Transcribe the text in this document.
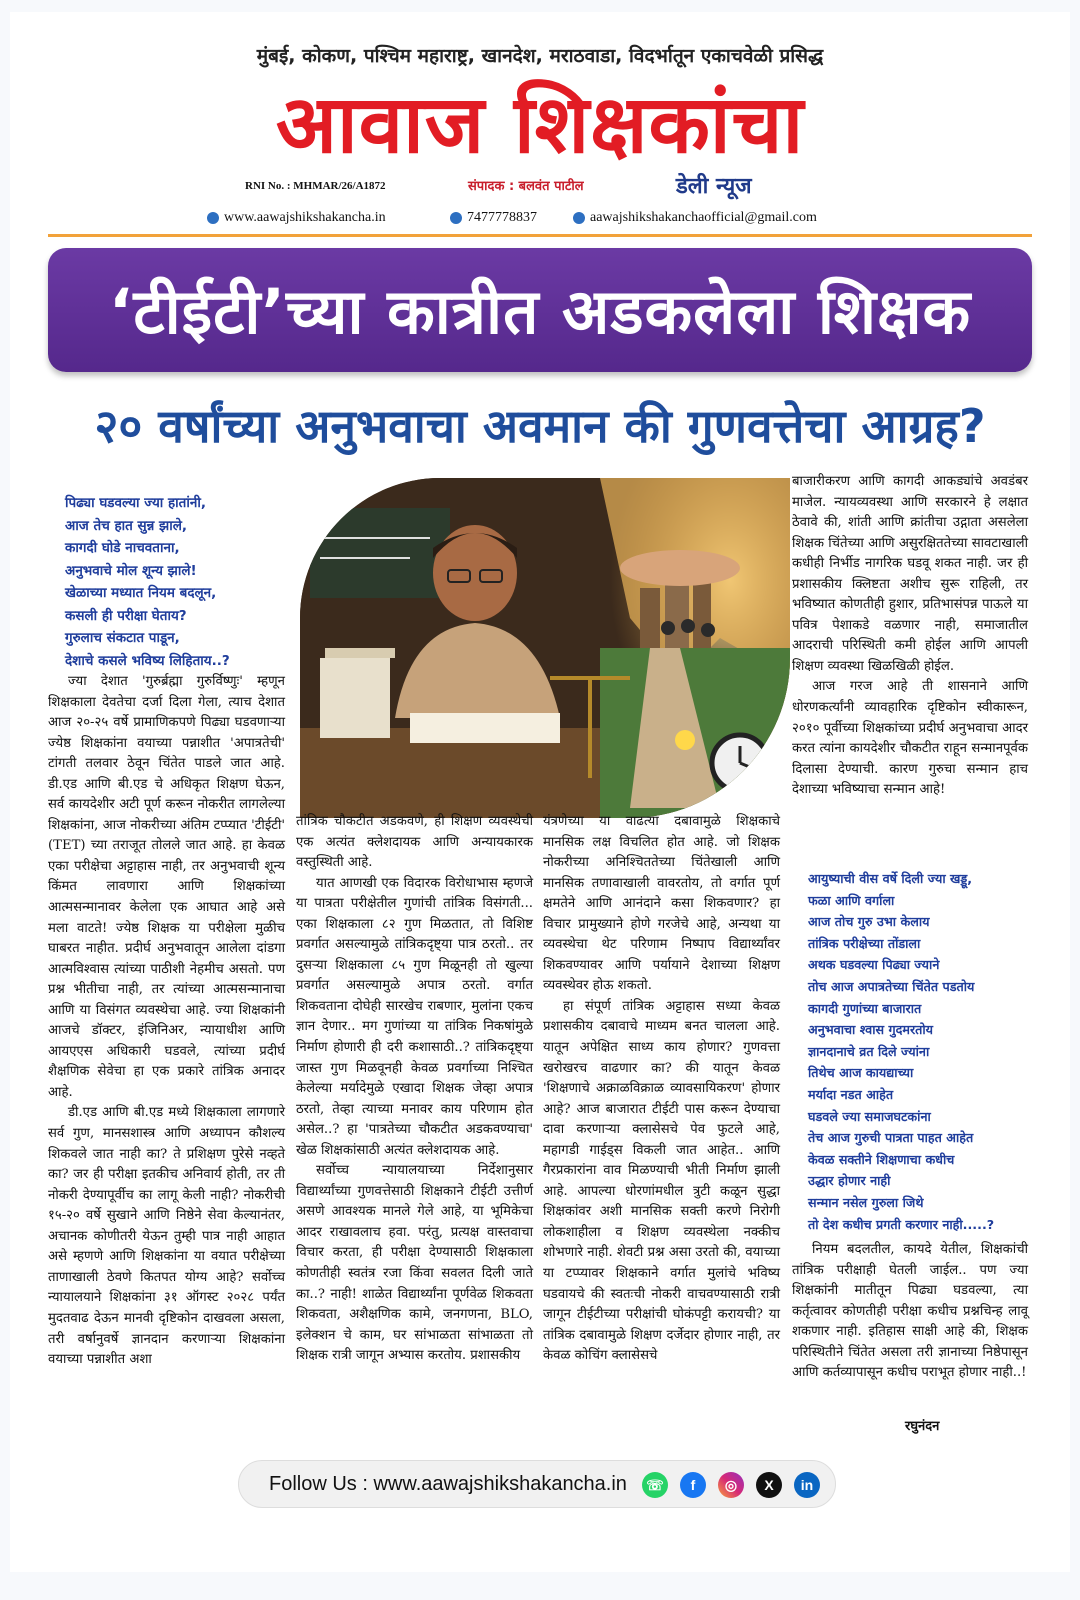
मुंबई, कोकण, पश्चिम महाराष्ट्र, खानदेश, मराठवाडा, विदर्भातून एकाचवेळी प्रसिद्ध
आवाज शिक्षकांचा
RNI No. : MHMAR/26/A1872	संपादक : बलवंत पाटील	डेली न्यूज
www.aawajshikshakancha.in	7477778837	aawajshikshakanchaofficial@gmail.com
‘टीईटी’च्या कात्रीत अडकलेला शिक्षक
२० वर्षांच्या अनुभवाचा अवमान की गुणवत्तेचा आग्रह?
पिढ्या घडवल्या ज्या हातांनी,
आज तेच हात सुन्न झाले,
कागदी घोडे नाचवताना,
अनुभवाचे मोल शून्य झाले!
खेळाच्या मध्यात नियम बदलून,
कसली ही परीक्षा घेताय?
गुरुलाच संकटात पाडून,
देशाचे कसले भविष्य लिहिताय..?
ज्या देशात 'गुरुर्ब्रह्मा गुरुर्विष्णुः' म्हणून शिक्षकाला देवतेचा दर्जा दिला गेला, त्याच देशात आज २०-२५ वर्षे प्रामाणिकपणे पिढ्या घडवणाऱ्या ज्येष्ठ शिक्षकांना वयाच्या पन्नाशीत 'अपात्रतेची' टांगती तलवार ठेवून चिंतेत पाडले जात आहे. डी.एड आणि बी.एड चे अधिकृत शिक्षण घेऊन, सर्व कायदेशीर अटी पूर्ण करून नोकरीत लागलेल्या शिक्षकांना, आज नोकरीच्या अंतिम टप्प्यात 'टीईटी' (TET) च्या तराजूत तोलले जात आहे. हा केवळ एका परीक्षेचा अट्टाहास नाही, तर अनुभवाची शून्य किंमत लावणारा आणि शिक्षकांच्या आत्मसन्मानावर केलेला एक आघात आहे असे मला वाटते! ज्येष्ठ शिक्षक या परीक्षेला मुळीच घाबरत नाहीत. प्रदीर्घ अनुभवातून आलेला दांडगा आत्मविश्वास त्यांच्या पाठीशी नेहमीच असतो. पण प्रश्न भीतीचा नाही, तर त्यांच्या आत्मसन्मानाचा आणि या विसंगत व्यवस्थेचा आहे. ज्या शिक्षकांनी आजचे डॉक्टर, इंजिनिअर, न्यायाधीश आणि आयएएस अधिकारी घडवले, त्यांच्या प्रदीर्घ शैक्षणिक सेवेचा हा एक प्रकारे तांत्रिक अनादर आहे.
डी.एड आणि बी.एड मध्ये शिक्षकाला लागणारे सर्व गुण, मानसशास्त्र आणि अध्यापन कौशल्य शिकवले जात नाही का? ते प्रशिक्षण पुरेसे नव्हते का? जर ही परीक्षा इतकीच अनिवार्य होती, तर ती नोकरी देण्यापूर्वीच का लागू केली नाही? नोकरीची १५-२० वर्षे सुखाने आणि निष्ठेने सेवा केल्यानंतर, अचानक कोणीतरी येऊन तुम्ही पात्र नाही आहात असे म्हणणे आणि शिक्षकांना या वयात परीक्षेच्या ताणाखाली ठेवणे कितपत योग्य आहे? सर्वोच्च न्यायालयाने शिक्षकांना ३१ ऑगस्ट २०२८ पर्यंत मुदतवाढ देऊन मानवी दृष्टिकोन दाखवला असला, तरी वर्षानुवर्षे ज्ञानदान करणाऱ्या शिक्षकांना वयाच्या पन्नाशीत अशा
तांत्रिक चौकटीत अडकवणे, ही शिक्षण व्यवस्थेची एक अत्यंत क्लेशदायक आणि अन्यायकारक वस्तुस्थिती आहे.
यात आणखी एक विदारक विरोधाभास म्हणजे या पात्रता परीक्षेतील गुणांची तांत्रिक विसंगती... एका शिक्षकाला ८२ गुण मिळतात, तो विशिष्ट प्रवर्गात असल्यामुळे तांत्रिकदृष्ट्या पात्र ठरतो.. तर दुसऱ्या शिक्षकाला ८५ गुण मिळूनही तो खुल्या प्रवर्गात असल्यामुळे अपात्र ठरतो. वर्गात शिकवताना दोघेही सारखेच राबणार, मुलांना एकच ज्ञान देणार.. मग गुणांच्या या तांत्रिक निकषांमुळे निर्माण होणारी ही दरी कशासाठी..? तांत्रिकदृष्ट्या जास्त गुण मिळवूनही केवळ प्रवर्गाच्या निश्चित केलेल्या मर्यादेमुळे एखादा शिक्षक जेव्हा अपात्र ठरतो, तेव्हा त्याच्या मनावर काय परिणाम होत असेल..? हा 'पात्रतेच्या चौकटीत अडकवण्याचा' खेळ शिक्षकांसाठी अत्यंत क्लेशदायक आहे.
सर्वोच्च न्यायालयाच्या निर्देशानुसार विद्यार्थ्यांच्या गुणवत्तेसाठी शिक्षकाने टीईटी उत्तीर्ण असणे आवश्यक मानले गेले आहे, या भूमिकेचा आदर राखावलाच हवा. परंतु, प्रत्यक्ष वास्तवाचा विचार करता, ही परीक्षा देण्यासाठी शिक्षकाला कोणतीही स्वतंत्र रजा किंवा सवलत दिली जाते का..? नाही! शाळेत विद्यार्थ्यांना पूर्णवेळ शिकवता शिकवता, अशैक्षणिक कामे, जनगणना, BLO, इलेक्शन चे काम, घर सांभाळता सांभाळता तो शिक्षक रात्री जागून अभ्यास करतोय. प्रशासकीय
यंत्रणेच्या या वाढत्या दबावामुळे शिक्षकाचे मानसिक लक्ष विचलित होत आहे. जो शिक्षक नोकरीच्या अनिश्चिततेच्या चिंतेखाली आणि मानसिक तणावाखाली वावरतोय, तो वर्गात पूर्ण क्षमतेने आणि आनंदाने कसा शिकवणार? हा विचार प्रामुख्याने होणे गरजेचे आहे, अन्यथा या व्यवस्थेचा थेट परिणाम निष्पाप विद्यार्थ्यांवर शिकवण्यावर आणि पर्यायाने देशाच्या शिक्षण व्यवस्थेवर होऊ शकतो.
हा संपूर्ण तांत्रिक अट्टाहास सध्या केवळ प्रशासकीय दबावाचे माध्यम बनत चालला आहे. यातून अपेक्षित साध्य काय होणार? गुणवत्ता खरोखरच वाढणार का? की यातून केवळ 'शिक्षणाचे अक्राळविक्राळ व्यावसायिकरण' होणार आहे? आज बाजारात टीईटी पास करून देण्याचा दावा करणाऱ्या क्लासेसचे पेव फुटले आहे, महागडी गाईड्स विकली जात आहेत.. आणि गैरप्रकारांना वाव मिळण्याची भीती निर्माण झाली आहे. आपल्या धोरणांमधील त्रुटी कळून सुद्धा शिक्षकांवर अशी मानसिक सक्ती करणे निरोगी लोकशाहीला व शिक्षण व्यवस्थेला नक्कीच शोभणारे नाही. शेवटी प्रश्न असा उरतो की, वयाच्या या टप्प्यावर शिक्षकाने वर्गात मुलांचे भविष्य घडवायचे की स्वतःची नोकरी वाचवण्यासाठी रात्री जागून टीईटीच्या परीक्षांची घोकंपट्टी करायची? या तांत्रिक दबावामुळे शिक्षण दर्जेदार होणार नाही, तर केवळ कोचिंग क्लासेसचे
बाजारीकरण आणि कागदी आकड्यांचे अवडंबर माजेल. न्यायव्यवस्था आणि सरकारने हे लक्षात ठेवावे की, शांती आणि क्रांतीचा उद्गाता असलेला शिक्षक चिंतेच्या आणि असुरक्षिततेच्या सावटाखाली कधीही निर्भीड नागरिक घडवू शकत नाही. जर ही प्रशासकीय क्लिष्टता अशीच सुरू राहिली, तर भविष्यात कोणतीही हुशार, प्रतिभासंपन्न पाऊले या पवित्र पेशाकडे वळणार नाही, समाजातील आदराची परिस्थिती कमी होईल आणि आपली शिक्षण व्यवस्था खिळखिळी होईल.
आज गरज आहे ती शासनाने आणि धोरणकर्त्यांनी व्यावहारिक दृष्टिकोन स्वीकारून, २०१० पूर्वीच्या शिक्षकांच्या प्रदीर्घ अनुभवाचा आदर करत त्यांना कायदेशीर चौकटीत राहून सन्मानपूर्वक दिलासा देण्याची. कारण गुरुचा सन्मान हाच देशाच्या भविष्याचा सन्मान आहे!
आयुष्याची वीस वर्षे दिली ज्या खड्डू,
फळा आणि वर्गाला
आज तोच गुरु उभा केलाय
तांत्रिक परीक्षेच्या तोंडाला
अथक घडवल्या पिढ्या ज्याने
तोच आज अपात्रतेच्या चिंतेत पडतोय
कागदी गुणांच्या बाजारात
अनुभवाचा श्वास गुदमरतोय
ज्ञानदानाचे व्रत दिले ज्यांना
तिथेच आज कायद्याच्या
मर्यादा नडत आहेत
घडवले ज्या समाजघटकांना
तेच आज गुरुची पात्रता पाहत आहेत
केवळ सक्तीने शिक्षणाचा कधीच
उद्धार होणार नाही
सन्मान नसेल गुरुला जिथे
तो देश कधीच प्रगती करणार नाही.....?
नियम बदलतील, कायदे येतील, शिक्षकांची तांत्रिक परीक्षाही घेतली जाईल.. पण ज्या शिक्षकांनी मातीतून पिढ्या घडवल्या, त्या कर्तृत्वावर कोणतीही परीक्षा कधीच प्रश्नचिन्ह लावू शकणार नाही. इतिहास साक्षी आहे की, शिक्षक परिस्थितीने चिंतेत असला तरी ज्ञानाच्या निष्ठेपासून आणि कर्तव्यापासून कधीच पराभूत होणार नाही..!
रघुनंदन
Follow Us : www.aawajshikshakancha.in	☏	f	◎	X	in
